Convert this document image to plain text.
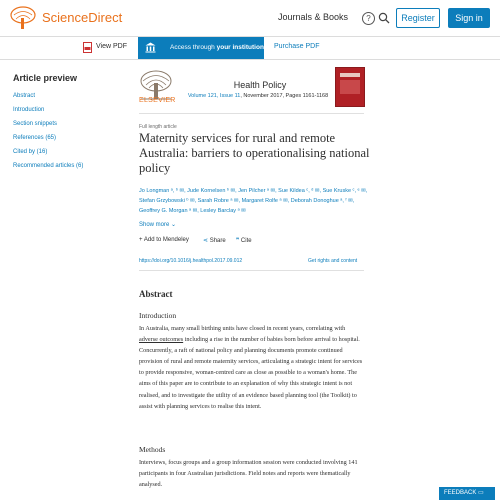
ScienceDirect	Journals & Books	?	Register	Sign in
View PDF	Access through your institution Purchase PDF
Article preview
Abstract
Introduction
Section snippets
References (65)
Cited by (16)
Recommended articles (6)
ELSEVIER
Health Policy
Volume 121, Issue 11, November 2017, Pages 1161-1168
Full length article
Maternity services for rural and remote Australia: barriers to operationalising national policy
Jo Longman ᵃ, ᵇ ✉, Jude Kornelsen ᵇ ✉, Jen Pilcher ᵃ ✉, Sue Kildea ᶜ, ᵈ ✉, Sue Kruske ᶜ, ᵉ ✉,
Stefan Grzybowski ᵇ ✉, Sarah Robre ᵃ ✉, Margaret Rolfe ᵃ ✉, Deborah Donoghue ᵃ, ᶠ ✉,
Geoffrey G. Morgan ᵃ ✉, Lesley Barclay ᵃ ✉
Show more ⌄
+ Add to Mendeley ⋖ Share ❞ Cite
https://doi.org/10.1016/j.healthpol.2017.09.012	Get rights and content
Abstract
Introduction
In Australia, many small birthing units have closed in recent years, correlating with adverse outcomes including a rise in the number of babies born before arrival to hospital. Concurrently, a raft of national policy and planning documents promote continued provision of rural and remote maternity services, articulating a strategic intent for services to provide responsive, woman-centred care as close as possible to a woman's home. The aims of this paper are to contribute to an explanation of why this strategic intent is not realised, and to investigate the utility of an evidence based planning tool (the Toolkit) to assist with planning services to realise this intent.
Methods
Interviews, focus groups and a group information session were conducted involving 141 participants in four Australian jurisdictions. Field notes and reports were thematically analysed.
FEEDBACK ▭
